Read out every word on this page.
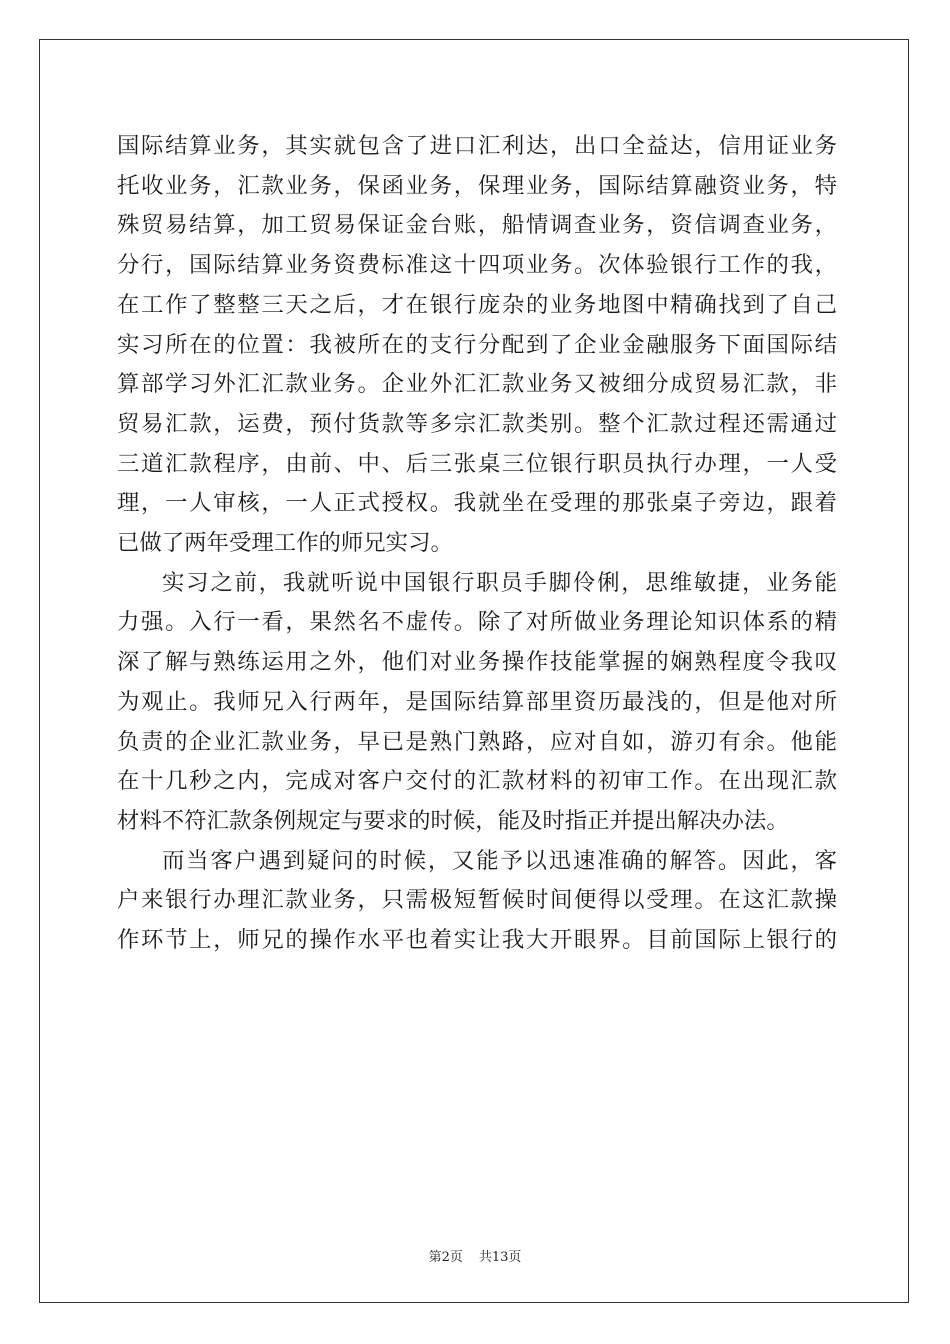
国际结算业务，其实就包含了进口汇利达，出口全益达，信用证业务
托收业务，汇款业务，保函业务，保理业务，国际结算融资业务，特
殊贸易结算，加工贸易保证金台账，船情调查业务，资信调查业务，
分行，国际结算业务资费标准这十四项业务。次体验银行工作的我，
在工作了整整三天之后，才在银行庞杂的业务地图中精确找到了自己
实习所在的位置：我被所在的支行分配到了企业金融服务下面国际结
算部学习外汇汇款业务。企业外汇汇款业务又被细分成贸易汇款，非
贸易汇款，运费，预付货款等多宗汇款类别。整个汇款过程还需通过
三道汇款程序，由前、中、后三张桌三位银行职员执行办理，一人受
理，一人审核，一人正式授权。我就坐在受理的那张桌子旁边，跟着
已做了两年受理工作的师兄实习。

实习之前，我就听说中国银行职员手脚伶俐，思维敏捷，业务能
力强。入行一看，果然名不虚传。除了对所做业务理论知识体系的精
深了解与熟练运用之外，他们对业务操作技能掌握的娴熟程度令我叹
为观止。我师兄入行两年，是国际结算部里资历最浅的，但是他对所
负责的企业汇款业务，早已是熟门熟路，应对自如，游刃有余。他能
在十几秒之内，完成对客户交付的汇款材料的初审工作。在出现汇款
材料不符汇款条例规定与要求的时候，能及时指正并提出解决办法。

而当客户遇到疑问的时候，又能予以迅速准确的解答。因此，客
户来银行办理汇款业务，只需极短暂候时间便得以受理。在这汇款操
作环节上，师兄的操作水平也着实让我大开眼界。目前国际上银行的

第2页 共13页
